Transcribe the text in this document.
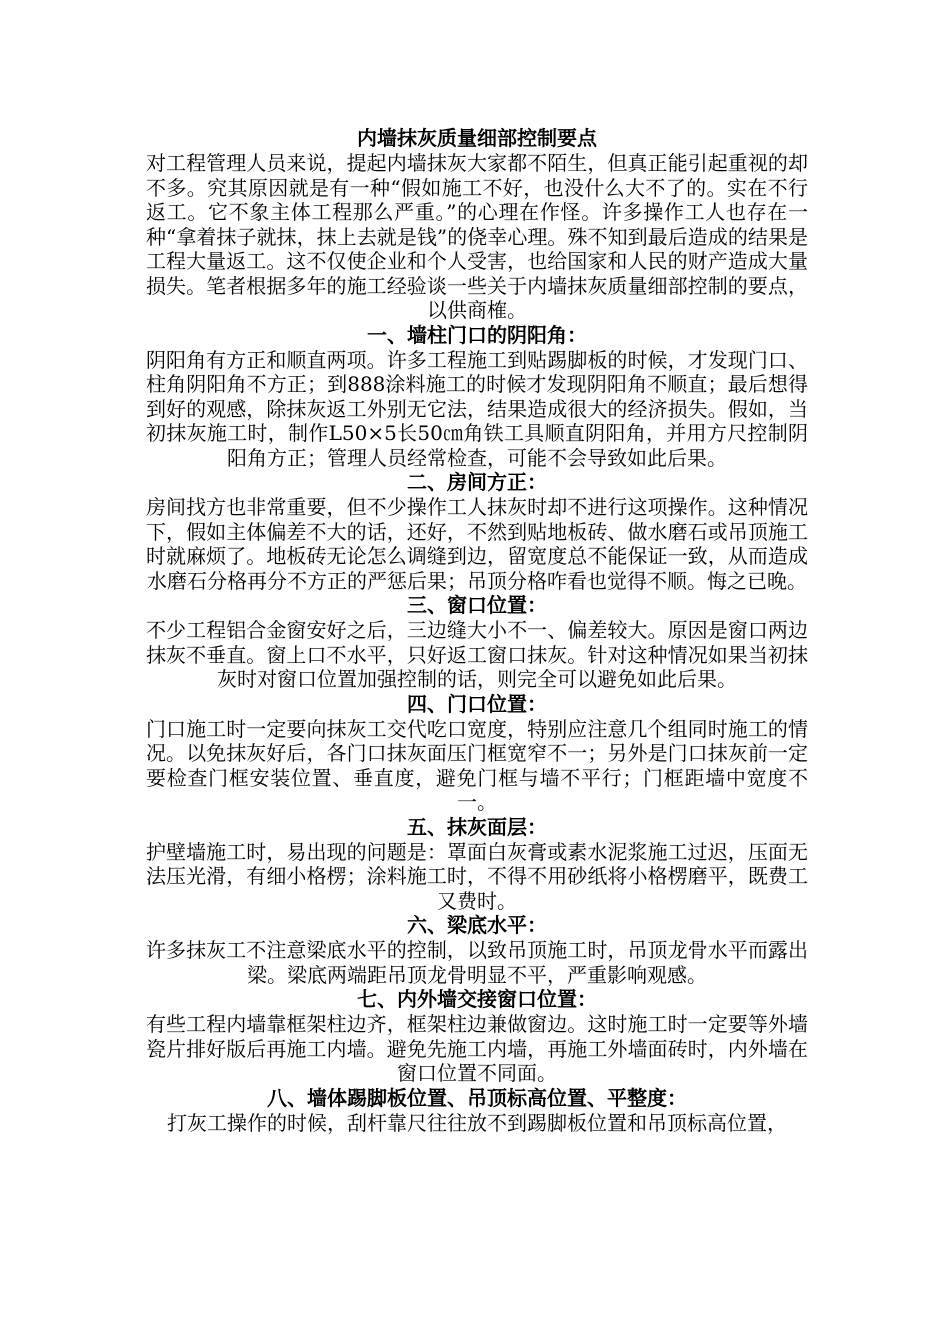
内墙抹灰质量细部控制要点

对工程管理人员来说，提起内墙抹灰大家都不陌生，但真正能引起重视的却不多。究其原因就是有一种“假如施工不好，也没什么大不了的。实在不行返工。它不象主体工程那么严重。”的心理在作怪。许多操作工人也存在一种“拿着抹子就抹，抹上去就是钱”的侥幸心理。殊不知到最后造成的结果是工程大量返工。这不仅使企业和个人受害，也给国家和人民的财产造成大量损失。笔者根据多年的施工经验谈一些关于内墙抹灰质量细部控制的要点，以供商榷。

一、墙柱门口的阴阳角：

阴阳角有方正和顺直两项。许多工程施工到贴踢脚板的时候，才发现门口、柱角阴阳角不方正；到888涂料施工的时候才发现阴阳角不顺直；最后想得到好的观感，除抹灰返工外别无它法，结果造成很大的经济损失。假如，当初抹灰施工时，制作L50×5长50㎝角铁工具顺直阴阳角，并用方尺控制阴阳角方正；管理人员经常检查，可能不会导致如此后果。

二、房间方正：

房间找方也非常重要，但不少操作工人抹灰时却不进行这项操作。这种情况下，假如主体偏差不大的话，还好，不然到贴地板砖、做水磨石或吊顶施工时就麻烦了。地板砖无论怎么调缝到边，留宽度总不能保证一致，从而造成水磨石分格再分不方正的严惩后果；吊顶分格咋看也觉得不顺。悔之已晚。

三、窗口位置：

不少工程铝合金窗安好之后，三边缝大小不一、偏差较大。原因是窗口两边抹灰不垂直。窗上口不水平，只好返工窗口抹灰。针对这种情况如果当初抹灰时对窗口位置加强控制的话，则完全可以避免如此后果。

四、门口位置：

门口施工时一定要向抹灰工交代吃口宽度，特别应注意几个组同时施工的情况。以免抹灰好后，各门口抹灰面压门框宽窄不一；另外是门口抹灰前一定要检查门框安装位置、垂直度，避免门框与墙不平行；门框距墙中宽度不一。

五、抹灰面层：

护壁墙施工时，易出现的问题是：罩面白灰膏或素水泥浆施工过迟，压面无法压光滑，有细小格楞；涂料施工时，不得不用砂纸将小格楞磨平，既费工又费时。

六、梁底水平：

许多抹灰工不注意梁底水平的控制，以致吊顶施工时，吊顶龙骨水平而露出梁。梁底两端距吊顶龙骨明显不平，严重影响观感。

七、内外墙交接窗口位置：

有些工程内墙靠框架柱边齐，框架柱边兼做窗边。这时施工时一定要等外墙瓷片排好版后再施工内墙。避免先施工内墙，再施工外墙面砖时，内外墙在窗口位置不同面。

八、墙体踢脚板位置、吊顶标高位置、平整度：

打灰工操作的时候，刮杆靠尺往往放不到踢脚板位置和吊顶标高位置，
